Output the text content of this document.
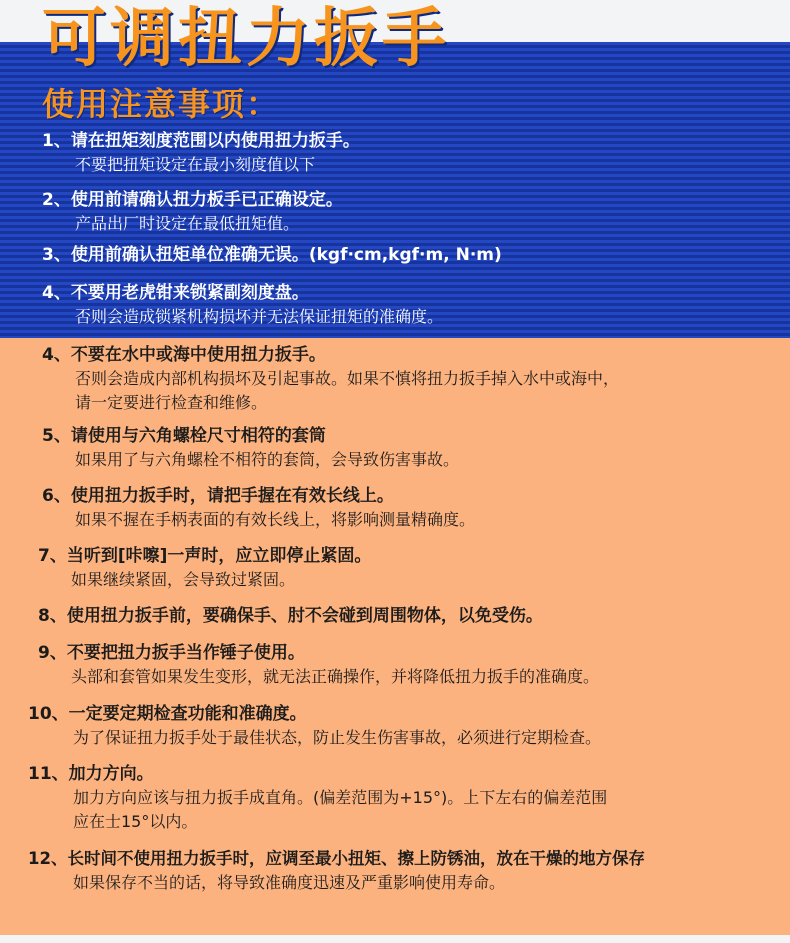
可调扭力扳手
使用注意事项：
1、请在扭矩刻度范围以内使用扭力扳手。
不要把扭矩设定在最小刻度值以下
2、使用前请确认扭力板手已正确设定。
产品出厂时设定在最低扭矩值。
3、使用前确认扭矩单位准确无误。(kgf·cm,kgf·m, N·m)
4、不要用老虎钳来锁紧副刻度盘。
否则会造成锁紧机构损坏并无法保证扭矩的准确度。
4、不要在水中或海中使用扭力扳手。
否则会造成内部机构损坏及引起事故。如果不慎将扭力扳手掉入水中或海中，
请一定要进行检查和维修。
5、请使用与六角螺栓尺寸相符的套筒
如果用了与六角螺栓不相符的套筒，会导致伤害事故。
6、使用扭力扳手时，请把手握在有效长线上。
如果不握在手柄表面的有效长线上，将影响测量精确度。
7、当听到[咔嚓]一声时，应立即停止紧固。
如果继续紧固，会导致过紧固。
8、使用扭力扳手前，要确保手、肘不会碰到周围物体，以免受伤。
9、不要把扭力扳手当作锤子使用。
头部和套管如果发生变形，就无法正确操作，并将降低扭力扳手的准确度。
10、一定要定期检查功能和准确度。
为了保证扭力扳手处于最佳状态，防止发生伤害事故，必须进行定期检查。
11、加力方向。
加力方向应该与扭力扳手成直角。(偏差范围为+15°)。上下左右的偏差范围
应在士15°以内。
12、长时间不使用扭力扳手时，应调至最小扭矩、擦上防锈油，放在干燥的地方保存
如果保存不当的话，将导致准确度迅速及严重影响使用寿命。
